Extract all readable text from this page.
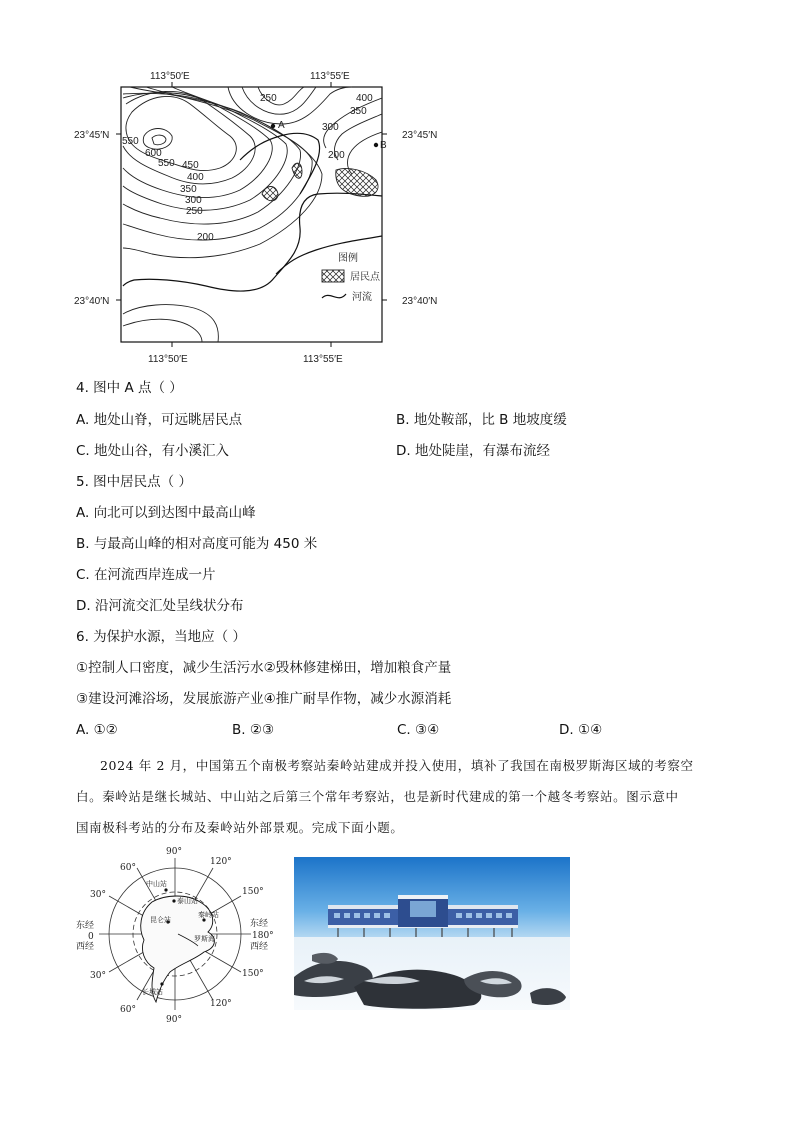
113°50′E	113°55′E
113°50′E	113°55′E
23°45′N	23°45′N
23°40′N	23°40′N
A
B
250	400
350
300
200
550
600
550 450
400
350
300
250
200
图例
居民点
河流
4. 图中 A 点（ ）
A. 地处山脊，可远眺居民点	B. 地处鞍部，比 B 地坡度缓
C. 地处山谷，有小溪汇入	D. 地处陡崖，有瀑布流经
5. 图中居民点（ ）
A. 向北可以到达图中最高山峰
B. 与最高山峰的相对高度可能为 450 米
C. 在河流西岸连成一片
D. 沿河流交汇处呈线状分布
6. 为保护水源，当地应（ ）
①控制人口密度，减少生活污水②毁林修建梯田，增加粮食产量
③建设河滩浴场，发展旅游产业④推广耐旱作物，减少水源消耗
A. ①②	B. ②③	C. ③④	D. ①④
2024 年 2 月，中国第五个南极考察站秦岭站建成并投入使用，填补了我国在南极罗斯海区域的考察空
白。秦岭站是继长城站、中山站之后第三个常年考察站，也是新时代建成的第一个越冬考察站。图示意中
国南极科考站的分布及秦岭站外部景观。完成下面小题。
90°
90°
60°
30°
东经
0
西经
30°
60°
120°
150°
东经
180°
西经
150°
120°
中山站
泰山站
昆仑站
秦岭站
罗斯海
长城站
